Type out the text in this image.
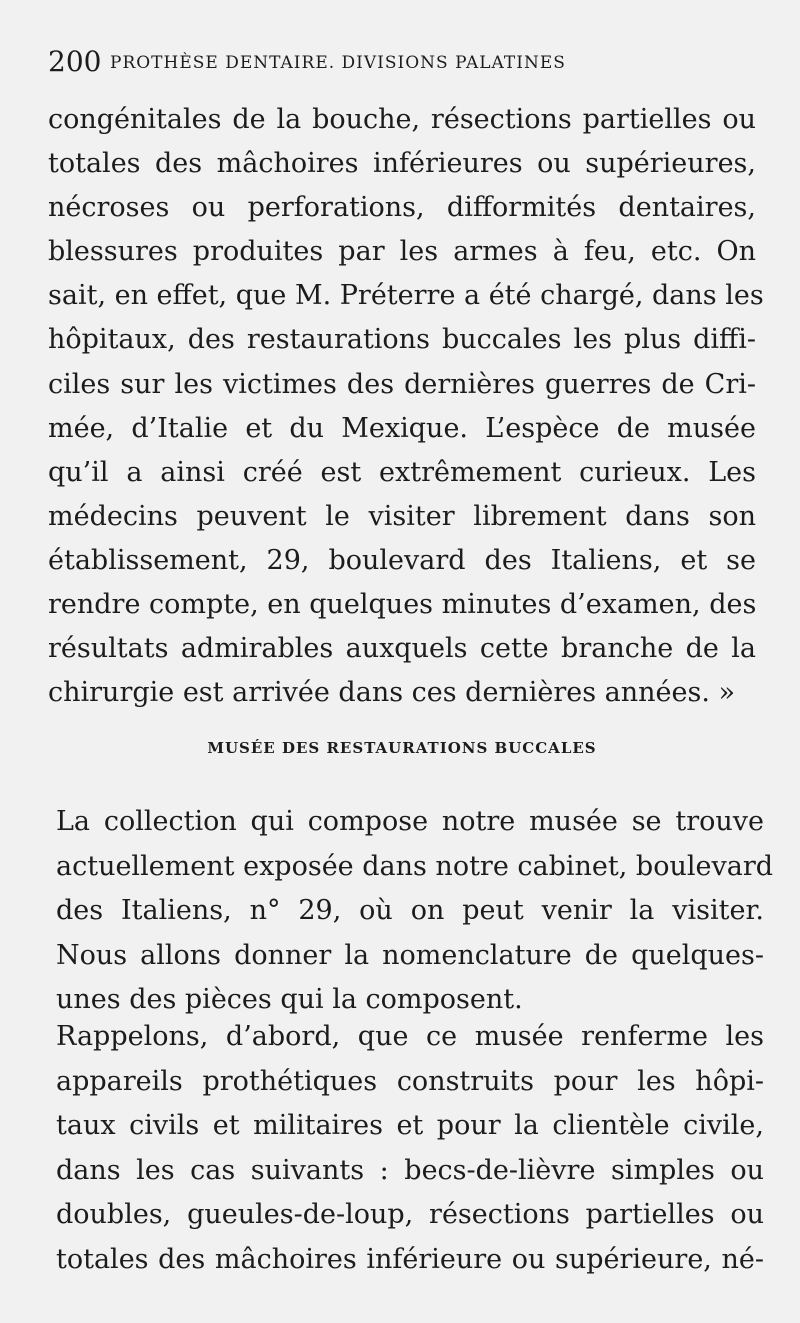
200 PROTHÈSE DENTAIRE. DIVISIONS PALATINES
congénitales de la bouche, résections partielles ou
totales des mâchoires inférieures ou supérieures,
nécroses ou perforations, difformités dentaires,
blessures produites par les armes à feu, etc. On
sait, en effet, que M. Préterre a été chargé, dans les
hôpitaux, des restaurations buccales les plus diffi-
ciles sur les victimes des dernières guerres de Cri-
mée, d’Italie et du Mexique. L’espèce de musée
qu’il a ainsi créé est extrêmement curieux. Les
médecins peuvent le visiter librement dans son
établissement, 29, boulevard des Italiens, et se
rendre compte, en quelques minutes d’examen, des
résultats admirables auxquels cette branche de la
chirurgie est arrivée dans ces dernières années. »
MUSÉE DES RESTAURATIONS BUCCALES
La collection qui compose notre musée se trouve
actuellement exposée dans notre cabinet, boulevard
des Italiens, n° 29, où on peut venir la visiter.
Nous allons donner la nomenclature de quelques-
unes des pièces qui la composent.
Rappelons, d’abord, que ce musée renferme les
appareils prothétiques construits pour les hôpi-
taux civils et militaires et pour la clientèle civile,
dans les cas suivants : becs-de-lièvre simples ou
doubles, gueules-de-loup, résections partielles ou
totales des mâchoires inférieure ou supérieure, né-
